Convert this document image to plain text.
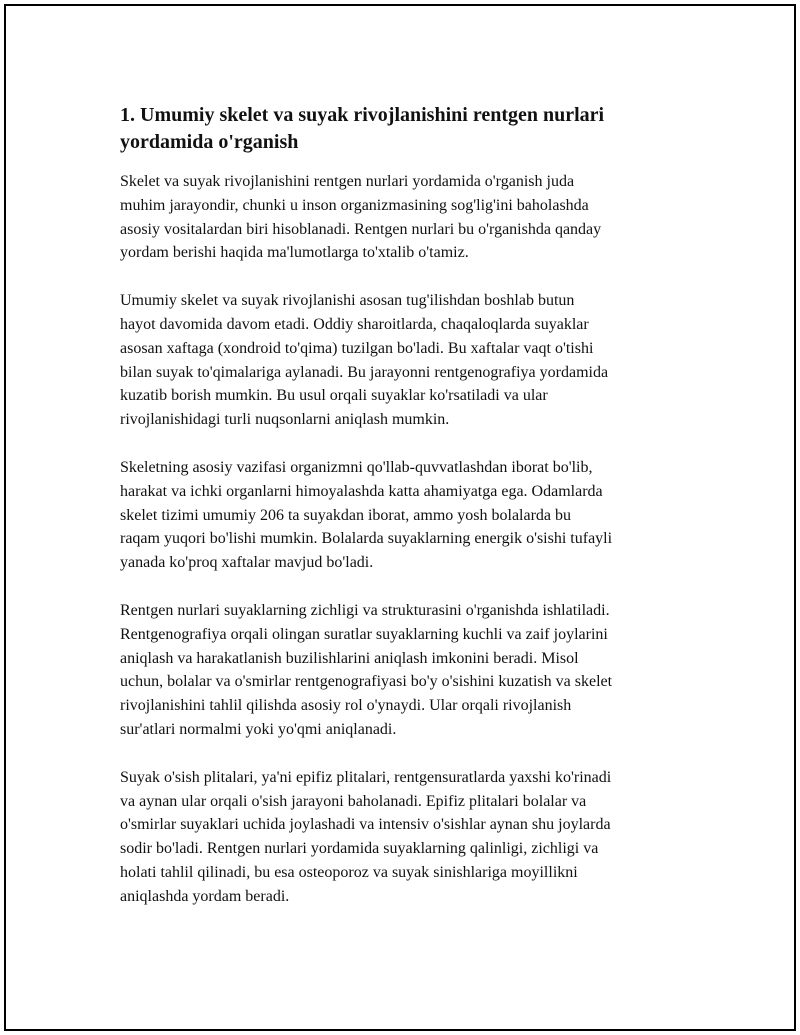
1. Umumiy skelet va suyak rivojlanishini rentgen nurlari
yordamida o'rganish

Skelet va suyak rivojlanishini rentgen nurlari yordamida o'rganish juda
muhim jarayondir, chunki u inson organizmasining sog'lig'ini baholashda
asosiy vositalardan biri hisoblanadi. Rentgen nurlari bu o'rganishda qanday
yordam berishi haqida ma'lumotlarga to'xtalib o'tamiz.

Umumiy skelet va suyak rivojlanishi asosan tug'ilishdan boshlab butun
hayot davomida davom etadi. Oddiy sharoitlarda, chaqaloqlarda suyaklar
asosan xaftaga (xondroid to'qima) tuzilgan bo'ladi. Bu xaftalar vaqt o'tishi
bilan suyak to'qimalariga aylanadi. Bu jarayonni rentgenografiya yordamida
kuzatib borish mumkin. Bu usul orqali suyaklar ko'rsatiladi va ular
rivojlanishidagi turli nuqsonlarni aniqlash mumkin.

Skeletning asosiy vazifasi organizmni qo'llab-quvvatlashdan iborat bo'lib,
harakat va ichki organlarni himoyalashda katta ahamiyatga ega. Odamlarda
skelet tizimi umumiy 206 ta suyakdan iborat, ammo yosh bolalarda bu
raqam yuqori bo'lishi mumkin. Bolalarda suyaklarning energik o'sishi tufayli
yanada ko'proq xaftalar mavjud bo'ladi.

Rentgen nurlari suyaklarning zichligi va strukturasini o'rganishda ishlatiladi.
Rentgenografiya orqali olingan suratlar suyaklarning kuchli va zaif joylarini
aniqlash va harakatlanish buzilishlarini aniqlash imkonini beradi. Misol
uchun, bolalar va o'smirlar rentgenografiyasi bo'y o'sishini kuzatish va skelet
rivojlanishini tahlil qilishda asosiy rol o'ynaydi. Ular orqali rivojlanish
sur'atlari normalmi yoki yo'qmi aniqlanadi.

Suyak o'sish plitalari, ya'ni epifiz plitalari, rentgensuratlarda yaxshi ko'rinadi
va aynan ular orqali o'sish jarayoni baholanadi. Epifiz plitalari bolalar va
o'smirlar suyaklari uchida joylashadi va intensiv o'sishlar aynan shu joylarda
sodir bo'ladi. Rentgen nurlari yordamida suyaklarning qalinligi, zichligi va
holati tahlil qilinadi, bu esa osteoporoz va suyak sinishlariga moyillikni
aniqlashda yordam beradi.
